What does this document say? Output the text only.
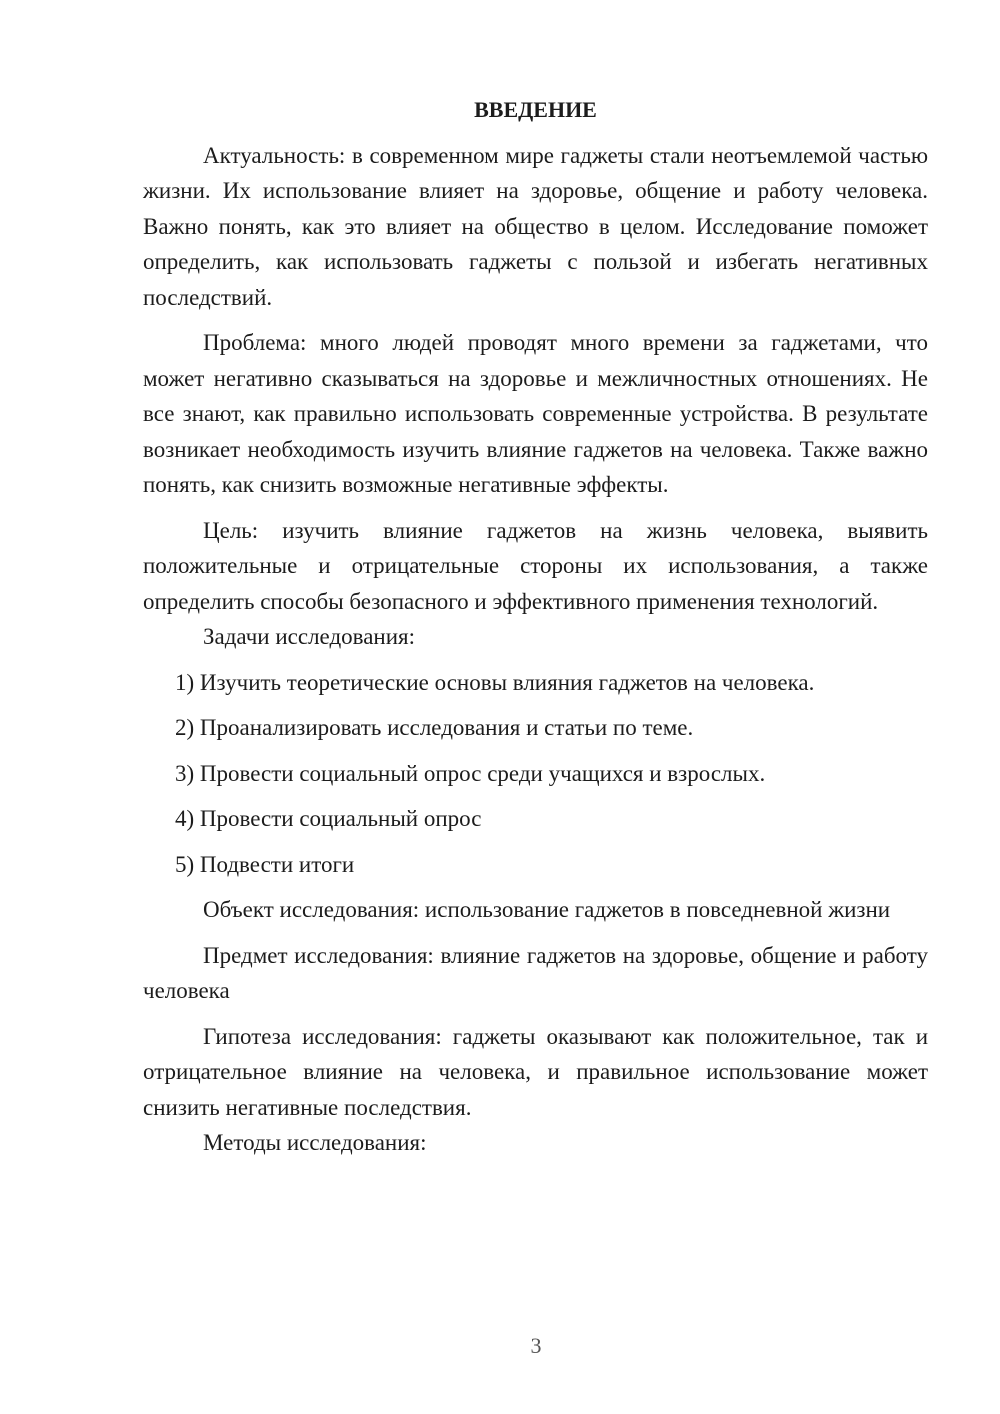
ВВЕДЕНИЕ

Актуальность: в современном мире гаджеты стали неотъемлемой частью жизни. Их использование влияет на здоровье, общение и работу человека. Важно понять, как это влияет на общество в целом. Исследование поможет определить, как использовать гаджеты с пользой и избегать негативных последствий.

Проблема: много людей проводят много времени за гаджетами, что может негативно сказываться на здоровье и межличностных отношениях. Не все знают, как правильно использовать современные устройства. В результате возникает необходимость изучить влияние гаджетов на человека. Также важно понять, как снизить возможные негативные эффекты.

Цель: изучить влияние гаджетов на жизнь человека, выявить положительные и отрицательные стороны их использования, а также определить способы безопасного и эффективного применения технологий.

Задачи исследования:

1) Изучить теоретические основы влияния гаджетов на человека.

2) Проанализировать исследования и статьи по теме.

3) Провести социальный опрос среди учащихся и взрослых.

4) Провести социальный опрос

5) Подвести итоги

Объект исследования: использование гаджетов в повседневной жизни

Предмет исследования: влияние гаджетов на здоровье, общение и работу человека

Гипотеза исследования: гаджеты оказывают как положительное, так и отрицательное влияние на человека, и правильное использование может снизить негативные последствия.

Методы исследования:

3
